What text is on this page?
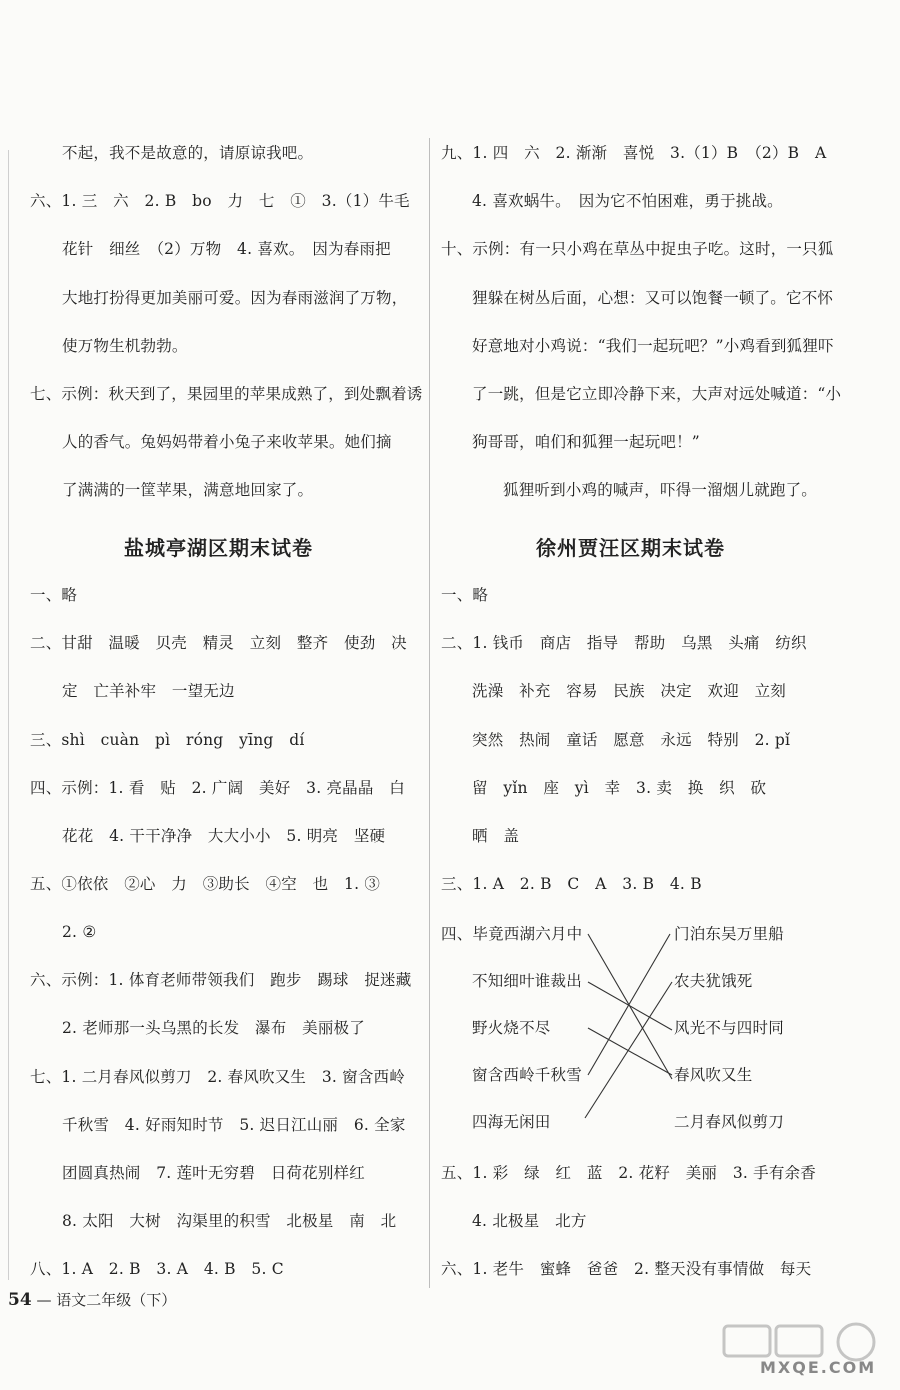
不起，我不是故意的，请原谅我吧。
六、1. 三　六　2. B　bo　力　七　①　3.（1）牛毛
花针　细丝　（2）万物　4. 喜欢。　因为春雨把
大地打扮得更加美丽可爱。因为春雨滋润了万物，
使万物生机勃勃。
七、示例：秋天到了，果园里的苹果成熟了，到处飘着诱
人的香气。兔妈妈带着小兔子来收苹果。她们摘
了满满的一筐苹果，满意地回家了。
盐城亭湖区期末试卷
一、略
二、甘甜　温暖　贝壳　精灵　立刻　整齐　使劲　决
定　亡羊补牢　一望无边
三、shì　cuàn　pì　róng　yīng　dí
四、示例：1. 看　贴　2. 广阔　美好　3. 亮晶晶　白
花花　4. 干干净净　大大小小　5. 明亮　坚硬
五、①依依　②心　力　③助长　④空　也　1. ③
2. ②
六、示例：1. 体育老师带领我们　跑步　踢球　捉迷藏
2. 老师那一头乌黑的长发　瀑布　美丽极了
七、1. 二月春风似剪刀　2. 春风吹又生　3. 窗含西岭
千秋雪　4. 好雨知时节　5. 迟日江山丽　6. 全家
团圆真热闹　7. 莲叶无穷碧　日荷花别样红
8. 太阳　大树　沟渠里的积雪　北极星　南　北
八、1. A　2. B　3. A　4. B　5. C
九、1. 四　六　2. 渐渐　喜悦　3.（1）B　（2）B　A
4. 喜欢蜗牛。　因为它不怕困难，勇于挑战。
十、示例：有一只小鸡在草丛中捉虫子吃。这时，一只狐
狸躲在树丛后面，心想：又可以饱餐一顿了。它不怀
好意地对小鸡说：“我们一起玩吧？”小鸡看到狐狸吓
了一跳，但是它立即冷静下来，大声对远处喊道：“小
狗哥哥，咱们和狐狸一起玩吧！”
狐狸听到小鸡的喊声，吓得一溜烟儿就跑了。
徐州贾汪区期末试卷
一、略
二、1. 钱币　商店　指导　帮助　乌黑　头痛　纺织
洗澡　补充　容易　民族　决定　欢迎　立刻
突然　热闹　童话　愿意　永远　特别　2. pǐ
留　yǐn　座　yì　幸　3. 卖　换　织　砍
晒　盖
三、1. A　2. B　C　A　3. B　4. B
四、毕竟西湖六月中
不知细叶谁裁出
野火烧不尽
窗含西岭千秋雪
四海无闲田
门泊东吴万里船
农夫犹饿死
风光不与四时同
春风吹又生
二月春风似剪刀
五、1. 彩　绿　红　蓝　2. 花籽　美丽　3. 手有余香
4. 北极星　北方
六、1. 老牛　蜜蜂　爸爸　2. 整天没有事情做　每天
54 — 语文二年级（下）
MXQE.COM
